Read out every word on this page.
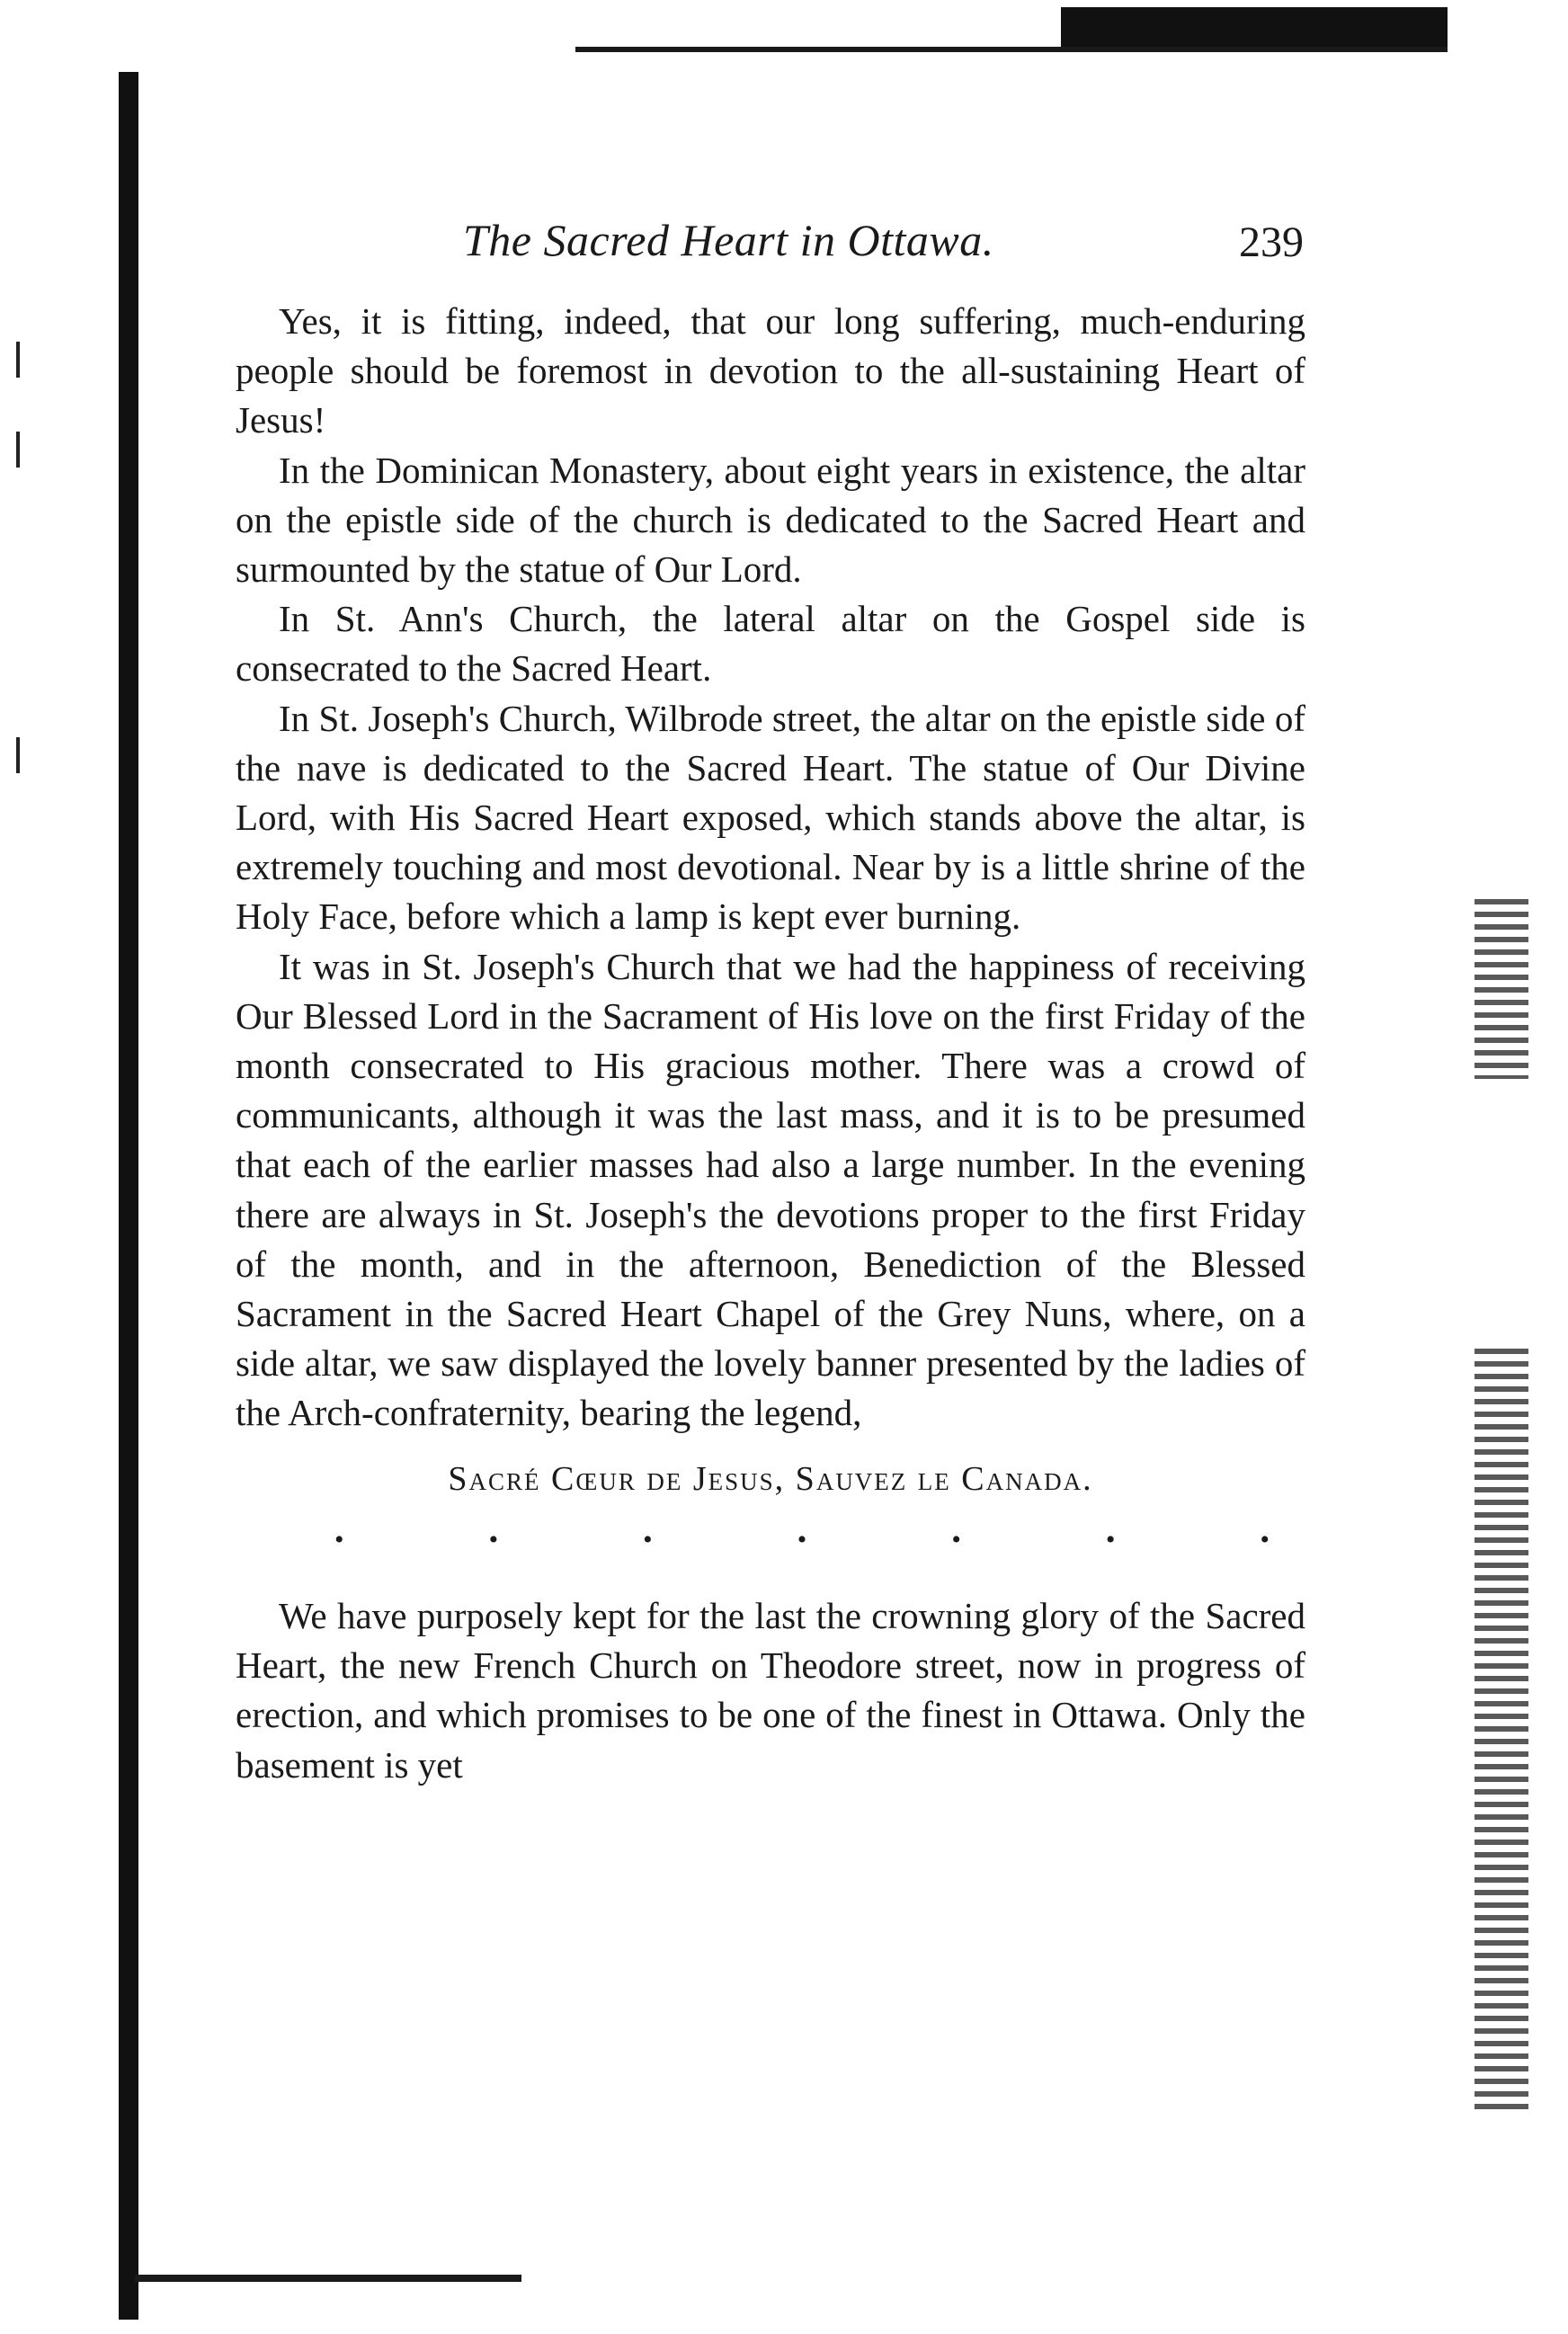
The Sacred Heart in Ottawa.	239

Yes, it is fitting, indeed, that our long suffering, much-enduring people should be foremost in devotion to the all-sustaining Heart of Jesus!

In the Dominican Monastery, about eight years in existence, the altar on the epistle side of the church is dedicated to the Sacred Heart and surmounted by the statue of Our Lord.

In St. Ann's Church, the lateral altar on the Gospel side is consecrated to the Sacred Heart.

In St. Joseph's Church, Wilbrode street, the altar on the epistle side of the nave is dedicated to the Sacred Heart. The statue of Our Divine Lord, with His Sacred Heart exposed, which stands above the altar, is extremely touching and most devotional. Near by is a little shrine of the Holy Face, before which a lamp is kept ever burning.

It was in St. Joseph's Church that we had the happiness of receiving Our Blessed Lord in the Sacrament of His love on the first Friday of the month consecrated to His gracious mother. There was a crowd of communicants, although it was the last mass, and it is to be presumed that each of the earlier masses had also a large number. In the evening there are always in St. Joseph's the devotions proper to the first Friday of the month, and in the afternoon, Benediction of the Blessed Sacrament in the Sacred Heart Chapel of the Grey Nuns, where, on a side altar, we saw displayed the lovely banner presented by the ladies of the Arch-confraternity, bearing the legend,

Sacré Cœur de Jesus, Sauvez le Canada.
•	•	•	•	•	•	•

We have purposely kept for the last the crowning glory of the Sacred Heart, the new French Church on Theodore street, now in progress of erection, and which promises to be one of the finest in Ottawa. Only the basement is yet
